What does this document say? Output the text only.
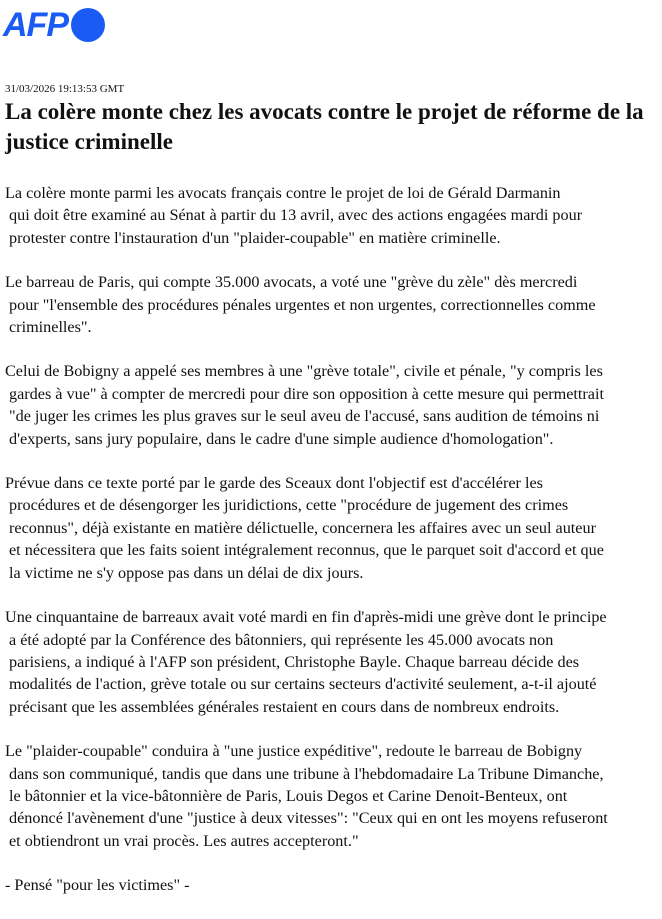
AFP
31/03/2026 19:13:53 GMT
La colère monte chez les avocats contre le projet de réforme de la justice criminelle

La colère monte parmi les avocats français contre le projet de loi de Gérald Darmanin
qui doit être examiné au Sénat à partir du 13 avril, avec des actions engagées mardi pour
protester contre l'instauration d'un "plaider-coupable" en matière criminelle.

Le barreau de Paris, qui compte 35.000 avocats, a voté une "grève du zèle" dès mercredi
pour "l'ensemble des procédures pénales urgentes et non urgentes, correctionnelles comme
criminelles".

Celui de Bobigny a appelé ses membres à une "grève totale", civile et pénale, "y compris les
gardes à vue" à compter de mercredi pour dire son opposition à cette mesure qui permettrait
"de juger les crimes les plus graves sur le seul aveu de l'accusé, sans audition de témoins ni
d'experts, sans jury populaire, dans le cadre d'une simple audience d'homologation".

Prévue dans ce texte porté par le garde des Sceaux dont l'objectif est d'accélérer les
procédures et de désengorger les juridictions, cette "procédure de jugement des crimes
reconnus", déjà existante en matière délictuelle, concernera les affaires avec un seul auteur
et nécessitera que les faits soient intégralement reconnus, que le parquet soit d'accord et que
la victime ne s'y oppose pas dans un délai de dix jours.

Une cinquantaine de barreaux avait voté mardi en fin d'après-midi une grève dont le principe
a été adopté par la Conférence des bâtonniers, qui représente les 45.000 avocats non
parisiens, a indiqué à l'AFP son président, Christophe Bayle. Chaque barreau décide des
modalités de l'action, grève totale ou sur certains secteurs d'activité seulement, a-t-il ajouté
précisant que les assemblées générales restaient en cours dans de nombreux endroits.

Le "plaider-coupable" conduira à "une justice expéditive", redoute le barreau de Bobigny
dans son communiqué, tandis que dans une tribune à l'hebdomadaire La Tribune Dimanche,
le bâtonnier et la vice-bâtonnière de Paris, Louis Degos et Carine Denoit-Benteux, ont
dénoncé l'avènement d'une "justice à deux vitesses": "Ceux qui en ont les moyens refuseront
et obtiendront un vrai procès. Les autres accepteront."

- Pensé "pour les victimes" -
